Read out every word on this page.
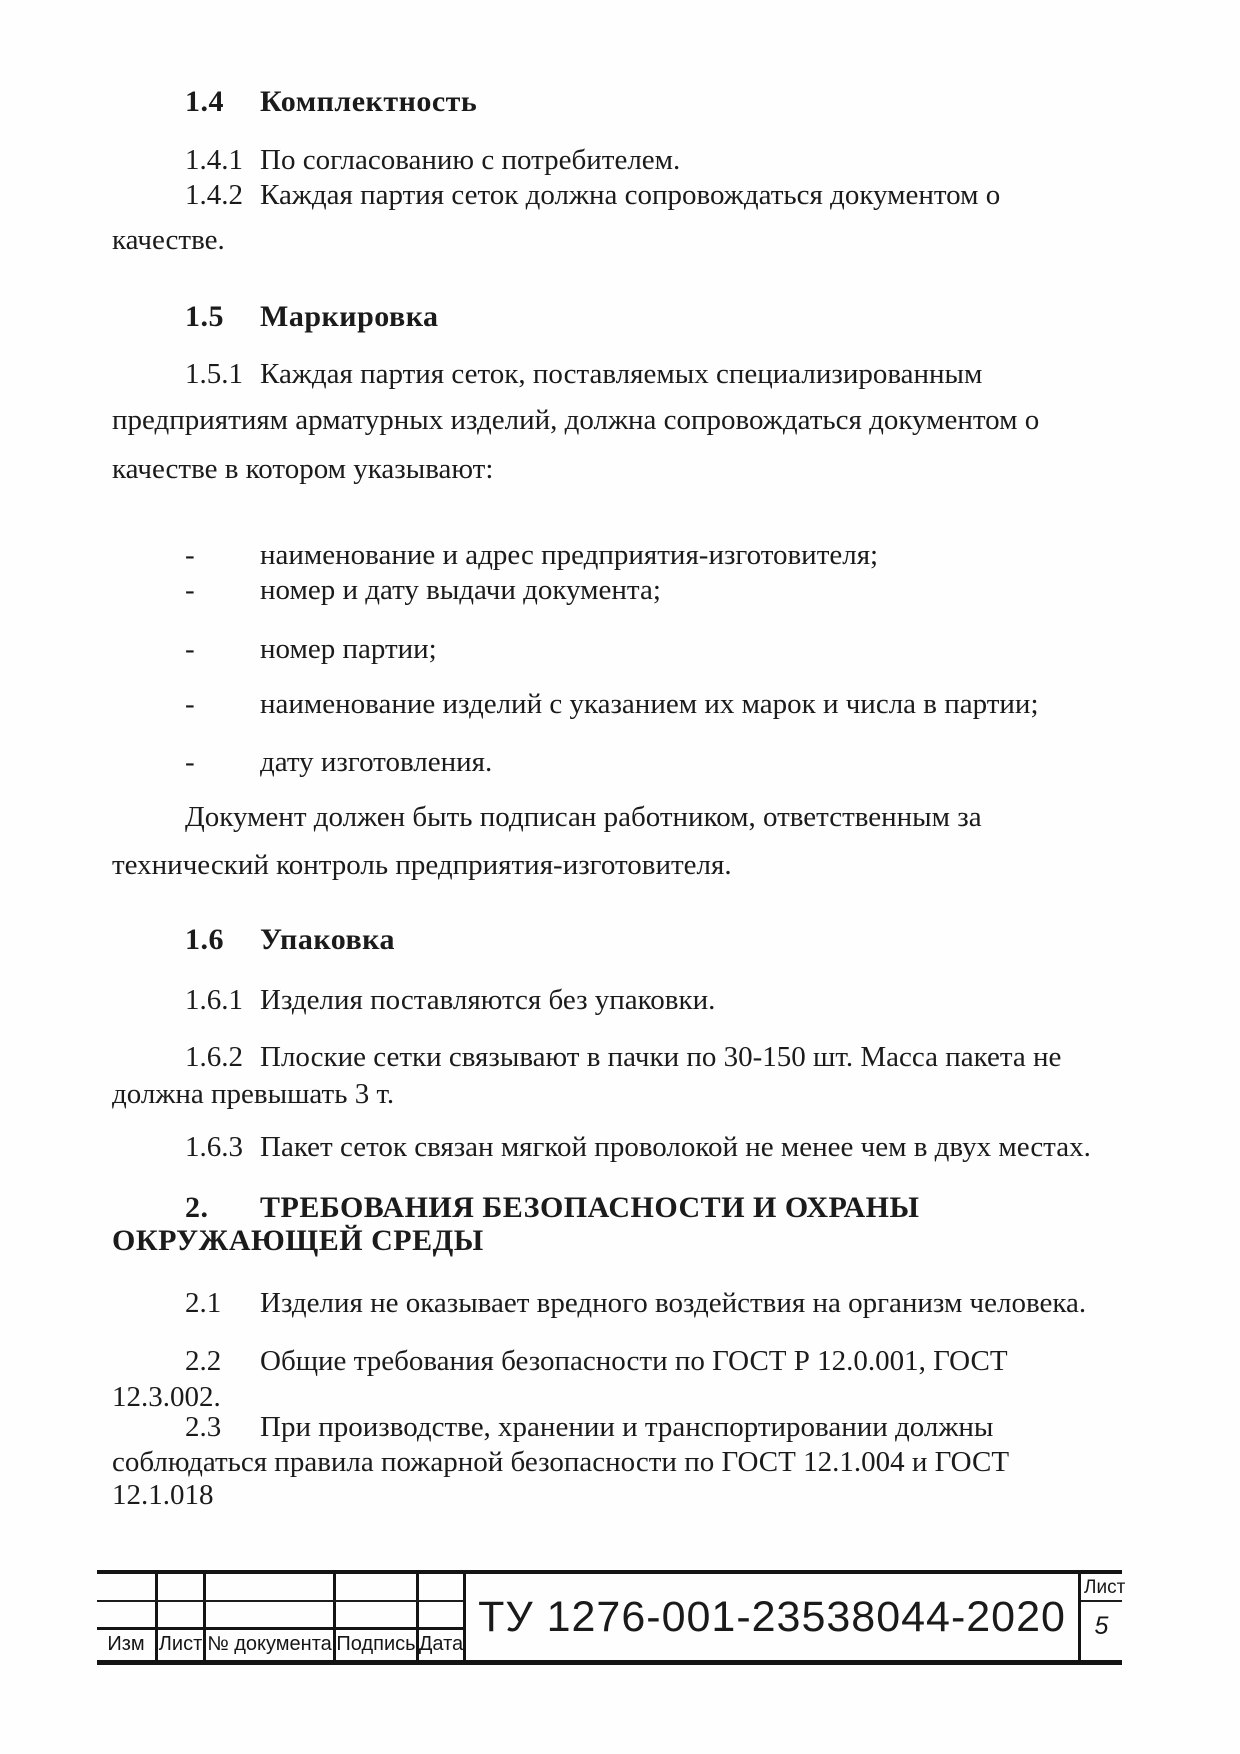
1.4 Комплектность
1.4.1 По согласованию с потребителем.
1.4.2 Каждая партия сеток должна сопровождаться документом о
качестве.
1.5 Маркировка
1.5.1 Каждая партия сеток, поставляемых специализированным
предприятиям арматурных изделий, должна сопровождаться документом о
качестве в котором указывают:
- наименование и адрес предприятия-изготовителя;
- номер и дату выдачи документа;
- номер партии;
- наименование изделий с указанием их марок и числа в партии;
- дату изготовления.
Документ должен быть подписан работником, ответственным за
технический контроль предприятия-изготовителя.
1.6 Упаковка
1.6.1 Изделия поставляются без упаковки.
1.6.2 Плоские сетки связывают в пачки по 30-150 шт. Масса пакета не
должна превышать 3 т.
1.6.3 Пакет сеток связан мягкой проволокой не менее чем в двух местах.
2. ТРЕБОВАНИЯ БЕЗОПАСНОСТИ И ОХРАНЫ
ОКРУЖАЮЩЕЙ СРЕДЫ
2.1 Изделия не оказывает вредного воздействия на организм человека.
2.2 Общие требования безопасности по ГОСТ Р 12.0.001, ГОСТ
12.3.002.
2.3 При производстве, хранении и транспортировании должны
соблюдаться правила пожарной безопасности по ГОСТ 12.1.004 и ГОСТ
12.1.018
Изм Лист № документа Подпись Дата
ТУ 1276-001-23538044-2020
Лист
5
